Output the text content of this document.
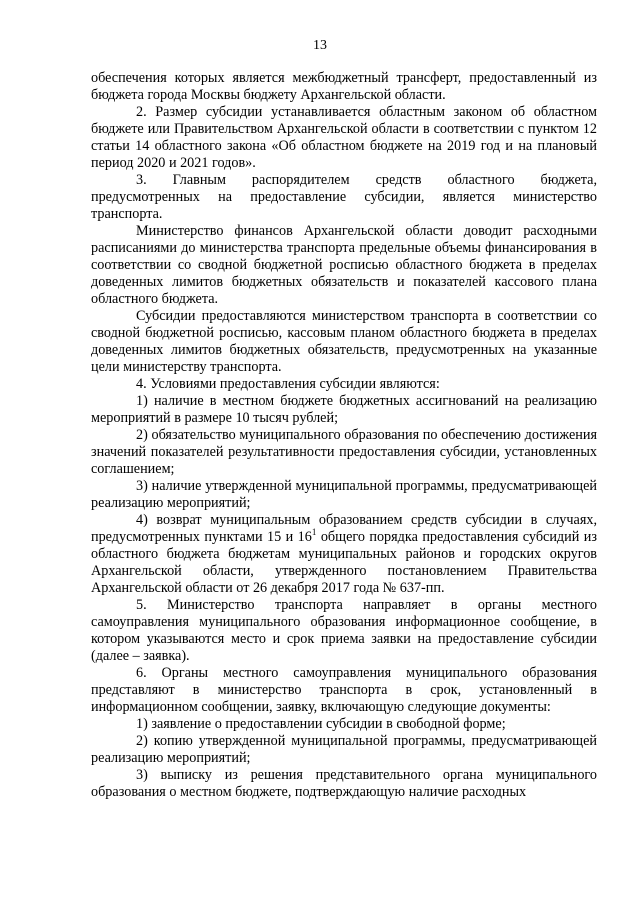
13

обеспечения которых является межбюджетный трансферт, предоставленный из бюджета города Москвы бюджету Архангельской области.

2. Размер субсидии устанавливается областным законом об областном бюджете или Правительством Архангельской области в соответствии с пунктом 12 статьи 14 областного закона «Об областном бюджете на 2019 год и на плановый период 2020 и 2021 годов».

3. Главным распорядителем средств областного бюджета, предусмотренных на предоставление субсидии, является министерство транспорта.

Министерство финансов Архангельской области доводит расходными расписаниями до министерства транспорта предельные объемы финансирования в соответствии со сводной бюджетной росписью областного бюджета в пределах доведенных лимитов бюджетных обязательств и показателей кассового плана областного бюджета.

Субсидии предоставляются министерством транспорта в соответствии со сводной бюджетной росписью, кассовым планом областного бюджета в пределах доведенных лимитов бюджетных обязательств, предусмотренных на указанные цели министерству транспорта.

4. Условиями предоставления субсидии являются:

1) наличие в местном бюджете бюджетных ассигнований на реализацию мероприятий в размере 10 тысяч рублей;

2) обязательство муниципального образования по обеспечению достижения значений показателей результативности предоставления субсидии, установленных соглашением;

3) наличие утвержденной муниципальной программы, предусматривающей реализацию мероприятий;

4) возврат муниципальным образованием средств субсидии в случаях, предусмотренных пунктами 15 и $16^1$ общего порядка предоставления субсидий из областного бюджета бюджетам муниципальных районов и городских округов Архангельской области, утвержденного постановлением Правительства Архангельской области от 26 декабря 2017 года № 637-пп.

5. Министерство транспорта направляет в органы местного самоуправления муниципального образования информационное сообщение, в котором указываются место и срок приема заявки на предоставление субсидии (далее – заявка).

6. Органы местного самоуправления муниципального образования представляют в министерство транспорта в срок, установленный в информационном сообщении, заявку, включающую следующие документы:

1) заявление о предоставлении субсидии в свободной форме;

2) копию утвержденной муниципальной программы, предусматривающей реализацию мероприятий;

3) выписку из решения представительного органа муниципального образования о местном бюджете, подтверждающую наличие расходных
